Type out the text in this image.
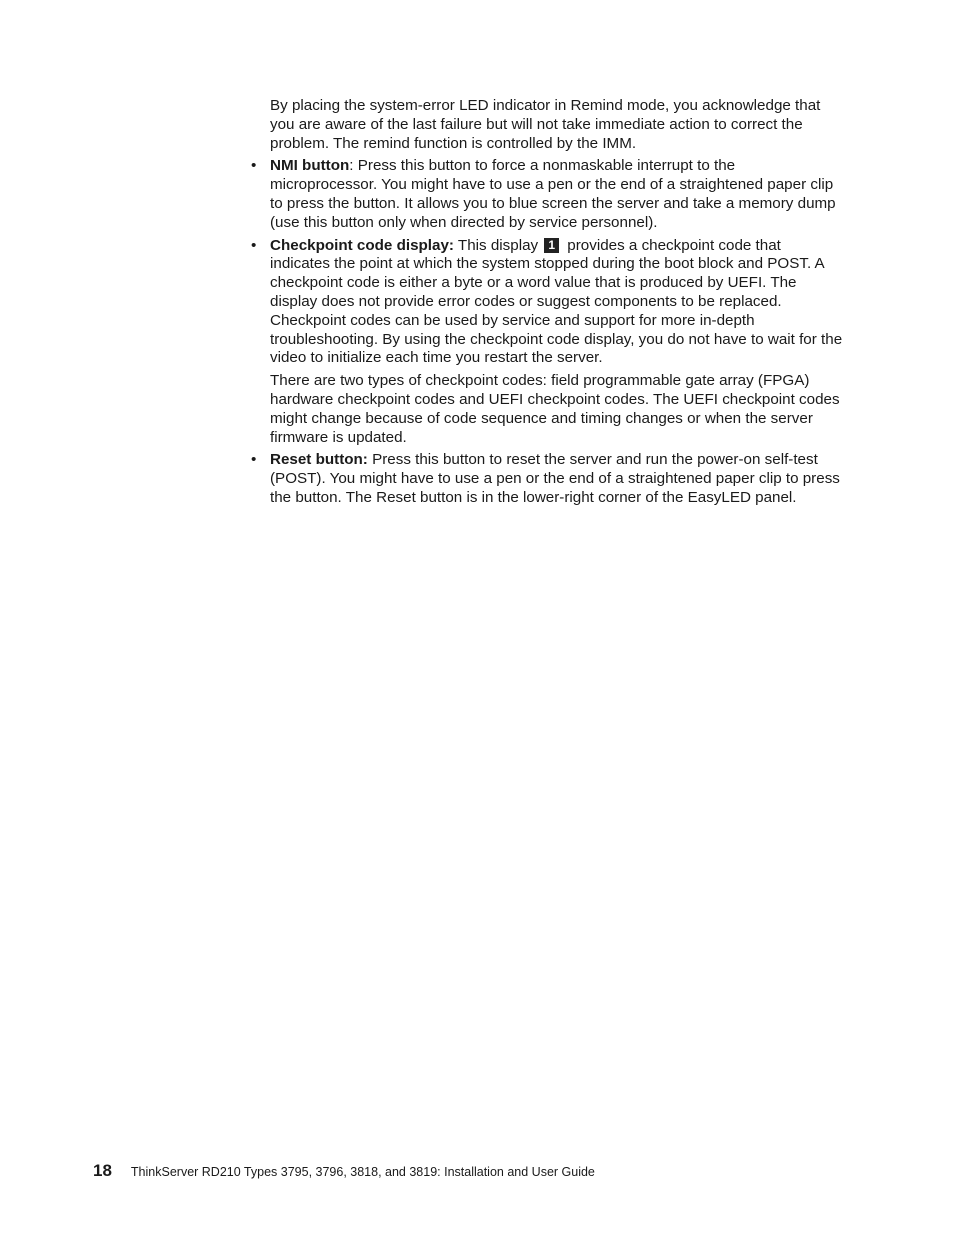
By placing the system-error LED indicator in Remind mode, you acknowledge that you are aware of the last failure but will not take immediate action to correct the problem. The remind function is controlled by the IMM.

• NMI button: Press this button to force a nonmaskable interrupt to the microprocessor. You might have to use a pen or the end of a straightened paper clip to press the button. It allows you to blue screen the server and take a memory dump (use this button only when directed by service personnel).

• Checkpoint code display: This display 1 provides a checkpoint code that indicates the point at which the system stopped during the boot block and POST. A checkpoint code is either a byte or a word value that is produced by UEFI. The display does not provide error codes or suggest components to be replaced. Checkpoint codes can be used by service and support for more in-depth troubleshooting. By using the checkpoint code display, you do not have to wait for the video to initialize each time you restart the server.

There are two types of checkpoint codes: field programmable gate array (FPGA) hardware checkpoint codes and UEFI checkpoint codes. The UEFI checkpoint codes might change because of code sequence and timing changes or when the server firmware is updated.

• Reset button: Press this button to reset the server and run the power-on self-test (POST). You might have to use a pen or the end of a straightened paper clip to press the button. The Reset button is in the lower-right corner of the EasyLED panel.

18 ThinkServer RD210 Types 3795, 3796, 3818, and 3819: Installation and User Guide
